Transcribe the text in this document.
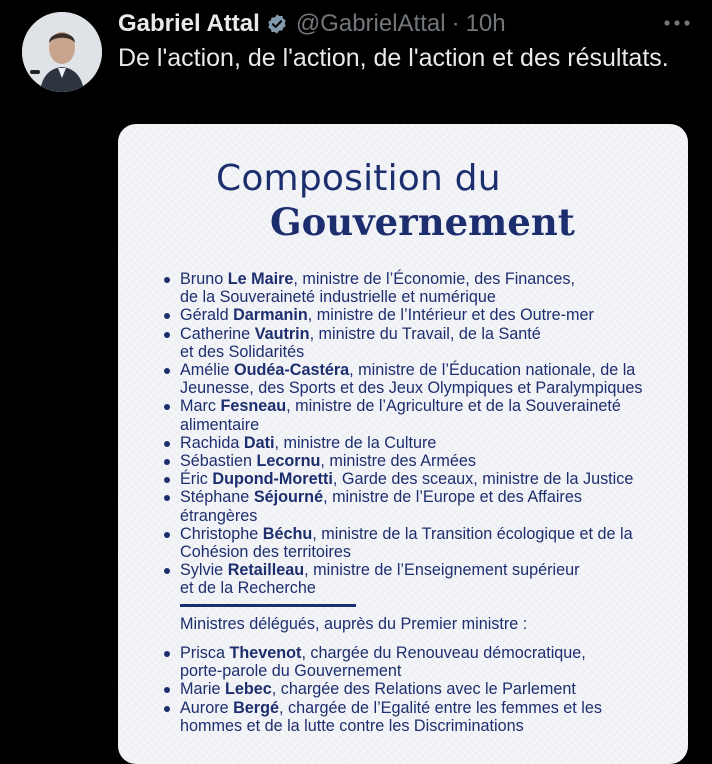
Gabriel Attal @GabrielAttal · 10h
De l'action, de l'action, de l'action et des résultats.
Composition du
Gouvernement
Bruno Le Maire, ministre de l’Économie, des Finances,
de la Souveraineté industrielle et numérique
Gérald Darmanin, ministre de l’Intérieur et des Outre-mer
Catherine Vautrin, ministre du Travail, de la Santé
et des Solidarités
Amélie Oudéa-Castéra, ministre de l’Éducation nationale, de la
Jeunesse, des Sports et des Jeux Olympiques et Paralympiques
Marc Fesneau, ministre de l’Agriculture et de la Souveraineté
alimentaire
Rachida Dati, ministre de la Culture
Sébastien Lecornu, ministre des Armées
Éric Dupond-Moretti, Garde des sceaux, ministre de la Justice
Stéphane Séjourné, ministre de l’Europe et des Affaires
étrangères
Christophe Béchu, ministre de la Transition écologique et de la
Cohésion des territoires
Sylvie Retailleau, ministre de l’Enseignement supérieur
et de la Recherche
Ministres délégués, auprès du Premier ministre :
Prisca Thevenot, chargée du Renouveau démocratique,
porte-parole du Gouvernement
Marie Lebec, chargée des Relations avec le Parlement
Aurore Bergé, chargée de l’Egalité entre les femmes et les
hommes et de la lutte contre les Discriminations
